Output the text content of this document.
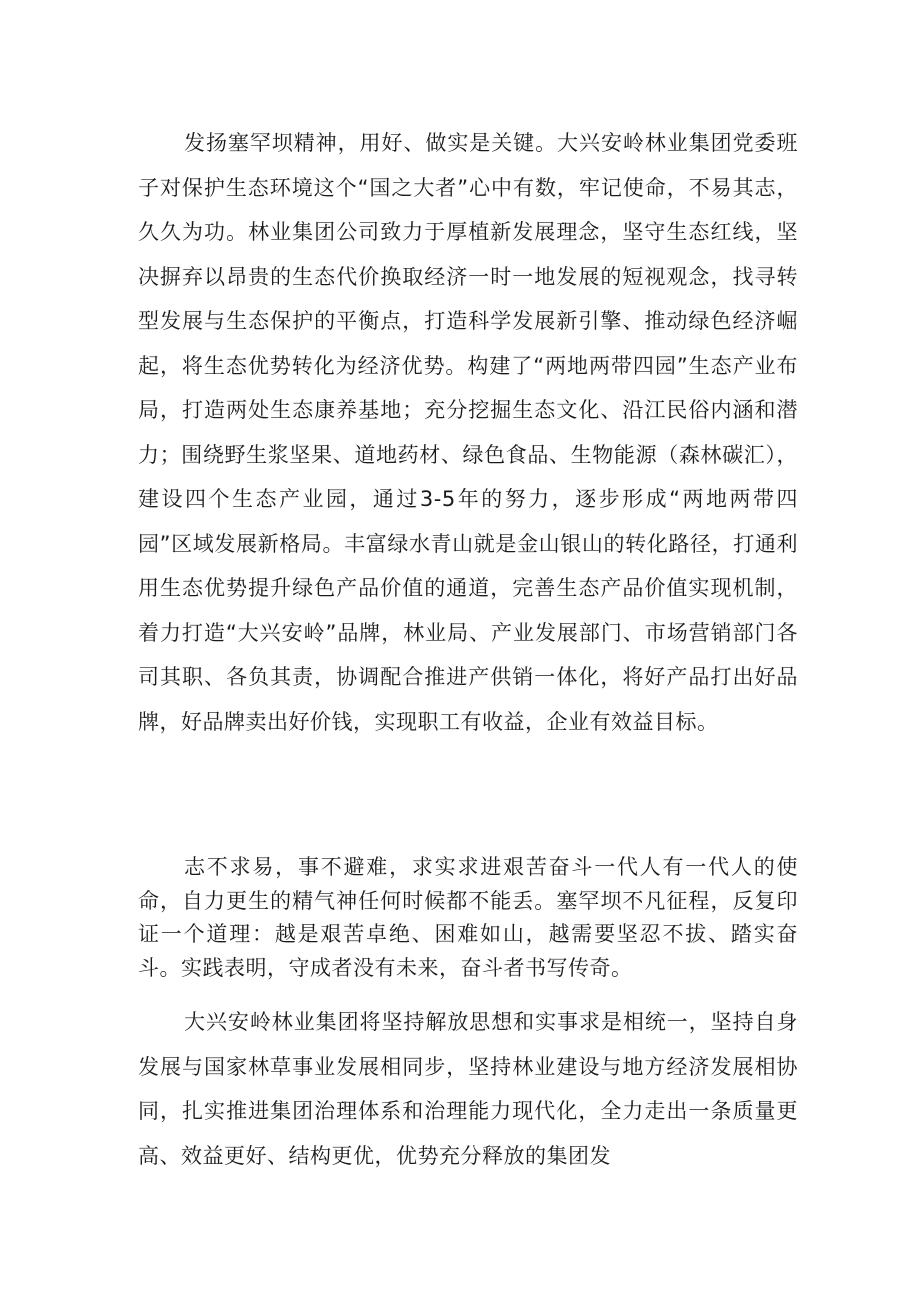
发扬塞罕坝精神，用好、做实是关键。大兴安岭林业集团党委班子对保护生态环境这个“国之大者”心中有数，牢记使命，不易其志，久久为功。林业集团公司致力于厚植新发展理念，坚守生态红线，坚决摒弃以昂贵的生态代价换取经济一时一地发展的短视观念，找寻转型发展与生态保护的平衡点，打造科学发展新引擎、推动绿色经济崛起，将生态优势转化为经济优势。构建了“两地两带四园”生态产业布局，打造两处生态康养基地；充分挖掘生态文化、沿江民俗内涵和潜力；围绕野生浆坚果、道地药材、绿色食品、生物能源（森林碳汇），建设四个生态产业园，通过3-5年的努力，逐步形成“两地两带四园”区域发展新格局。丰富绿水青山就是金山银山的转化路径，打通利用生态优势提升绿色产品价值的通道，完善生态产品价值实现机制，着力打造“大兴安岭”品牌，林业局、产业发展部门、市场营销部门各司其职、各负其责，协调配合推进产供销一体化，将好产品打出好品牌，好品牌卖出好价钱，实现职工有收益，企业有效益目标。

志不求易，事不避难，求实求进艰苦奋斗一代人有一代人的使命，自力更生的精气神任何时候都不能丢。塞罕坝不凡征程，反复印证一个道理：越是艰苦卓绝、困难如山，越需要坚忍不拔、踏实奋斗。实践表明，守成者没有未来，奋斗者书写传奇。

大兴安岭林业集团将坚持解放思想和实事求是相统一，坚持自身发展与国家林草事业发展相同步，坚持林业建设与地方经济发展相协同，扎实推进集团治理体系和治理能力现代化，全力走出一条质量更高、效益更好、结构更优，优势充分释放的集团发
